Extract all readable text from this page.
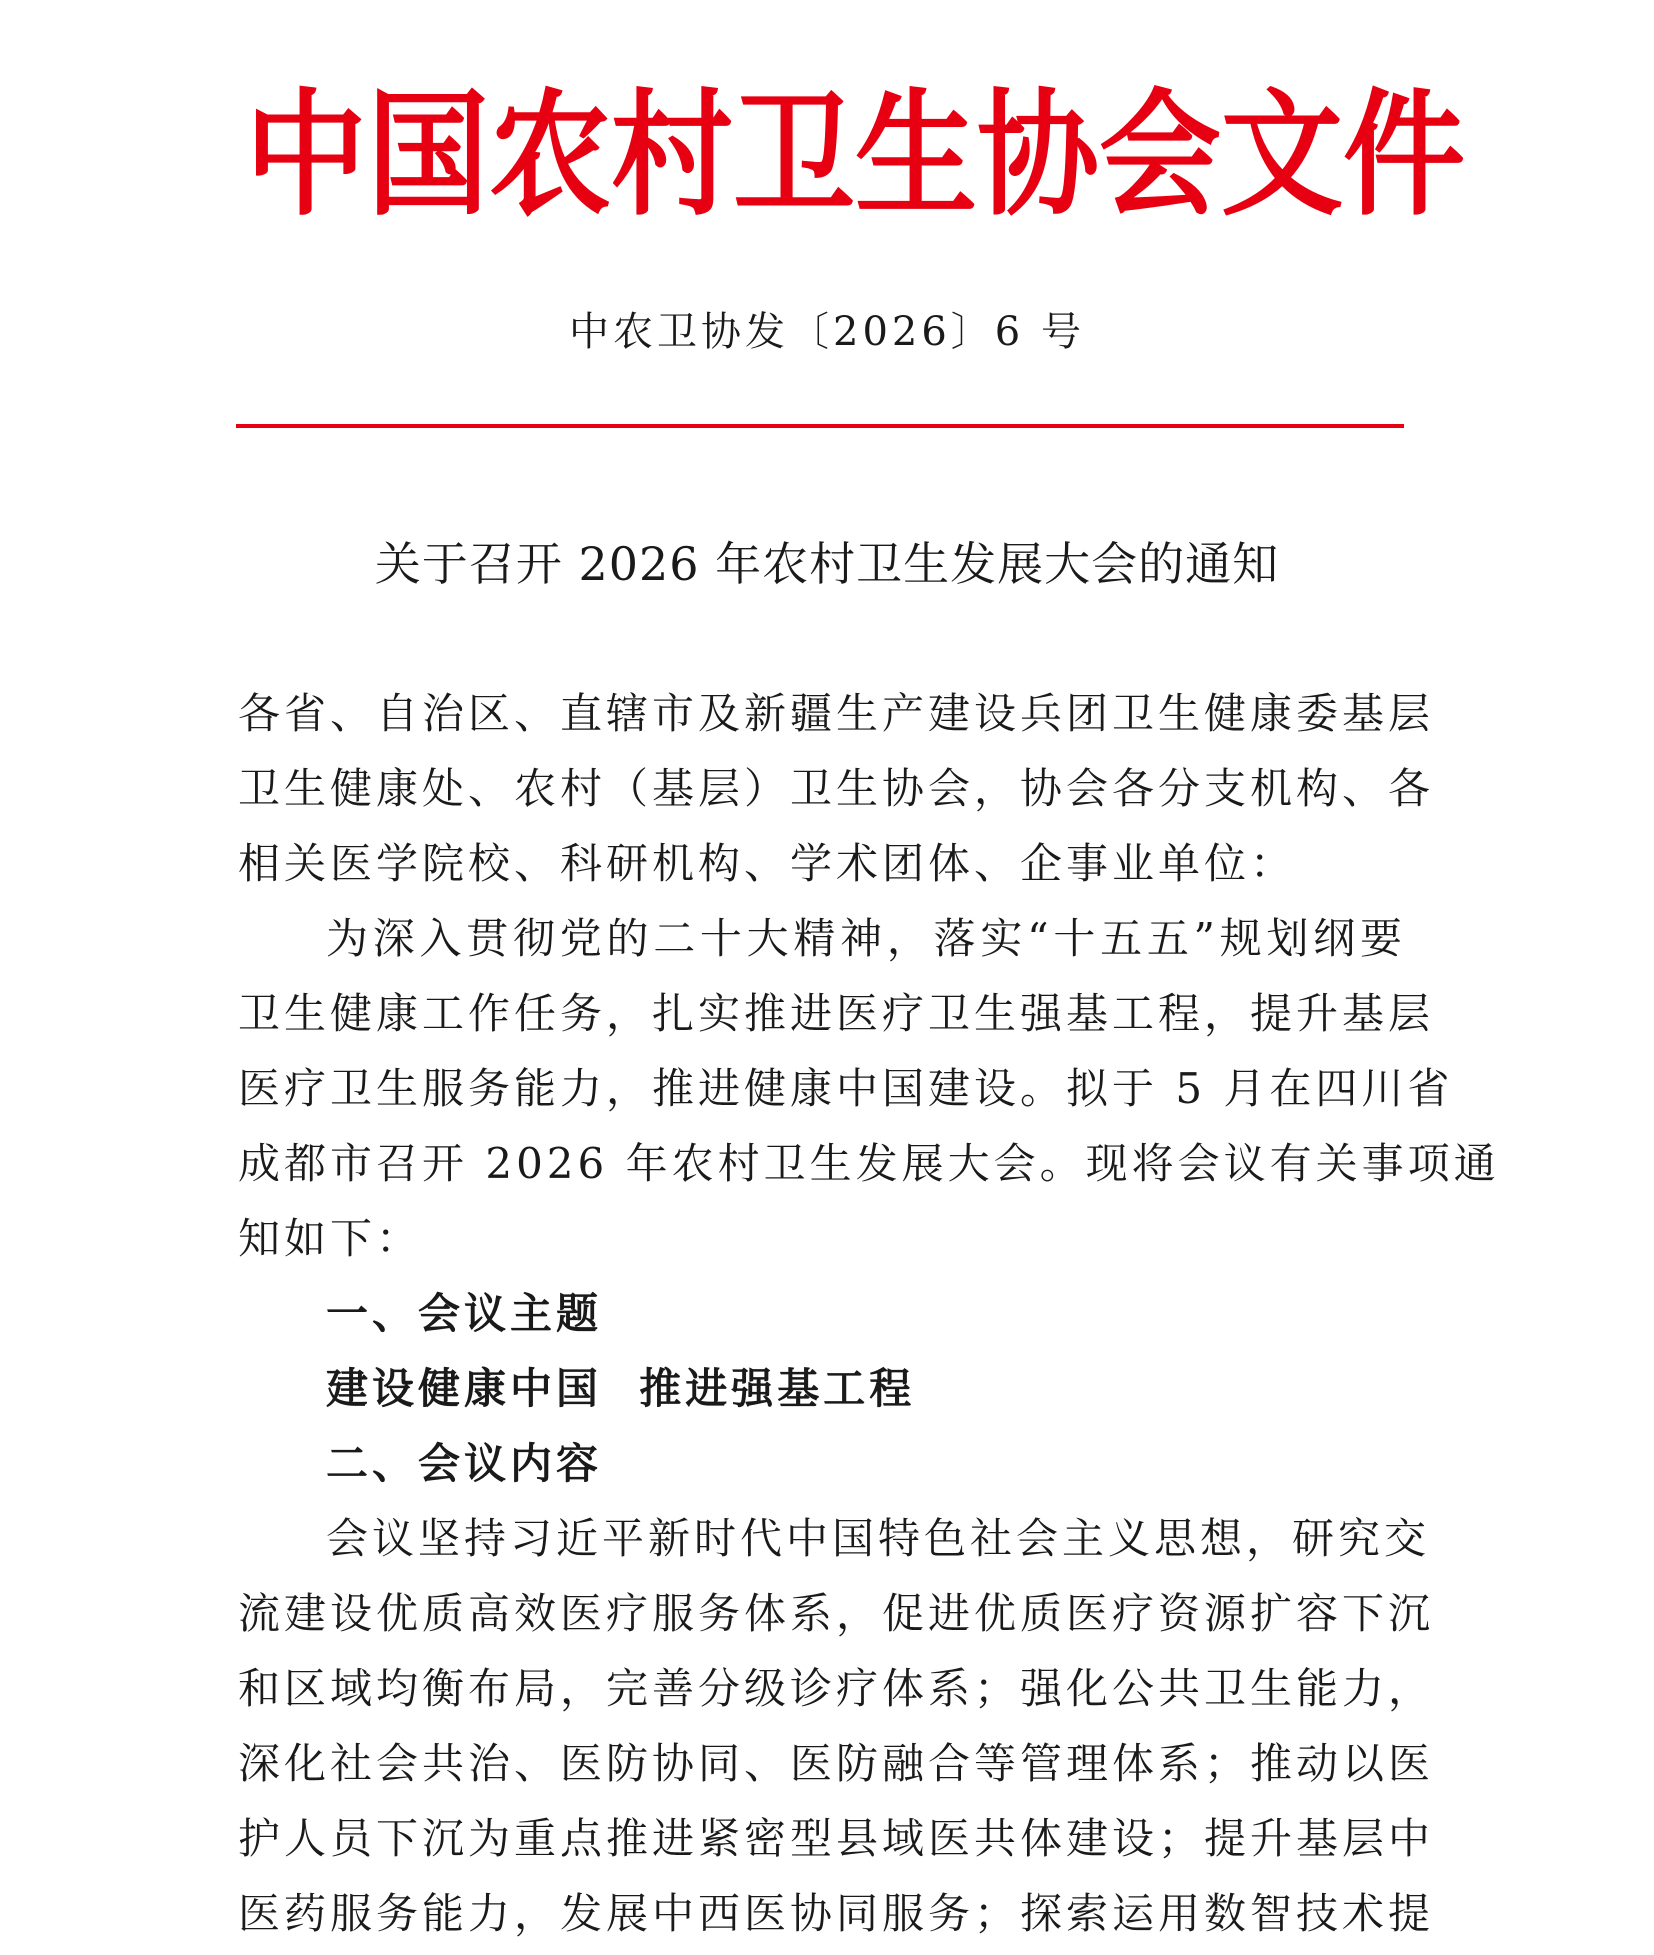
中国农村卫生协会文件
中农卫协发〔2026〕6 号
关于召开 2026 年农村卫生发展大会的通知
各省、自治区、直辖市及新疆生产建设兵团卫生健康委基层
卫生健康处、农村（基层）卫生协会，协会各分支机构、各
相关医学院校、科研机构、学术团体、企事业单位：
为深入贯彻党的二十大精神，落实“十五五”规划纲要
卫生健康工作任务，扎实推进医疗卫生强基工程，提升基层
医疗卫生服务能力，推进健康中国建设。拟于 5 月在四川省
成都市召开 2026 年农村卫生发展大会。现将会议有关事项通
知如下：
一、会议主题
建设健康中国  推进强基工程
二、会议内容
会议坚持习近平新时代中国特色社会主义思想，研究交
流建设优质高效医疗服务体系，促进优质医疗资源扩容下沉
和区域均衡布局，完善分级诊疗体系；强化公共卫生能力，
深化社会共治、医防协同、医防融合等管理体系；推动以医
护人员下沉为重点推进紧密型县域医共体建设；提升基层中
医药服务能力，发展中西医协同服务；探索运用数智技术提
